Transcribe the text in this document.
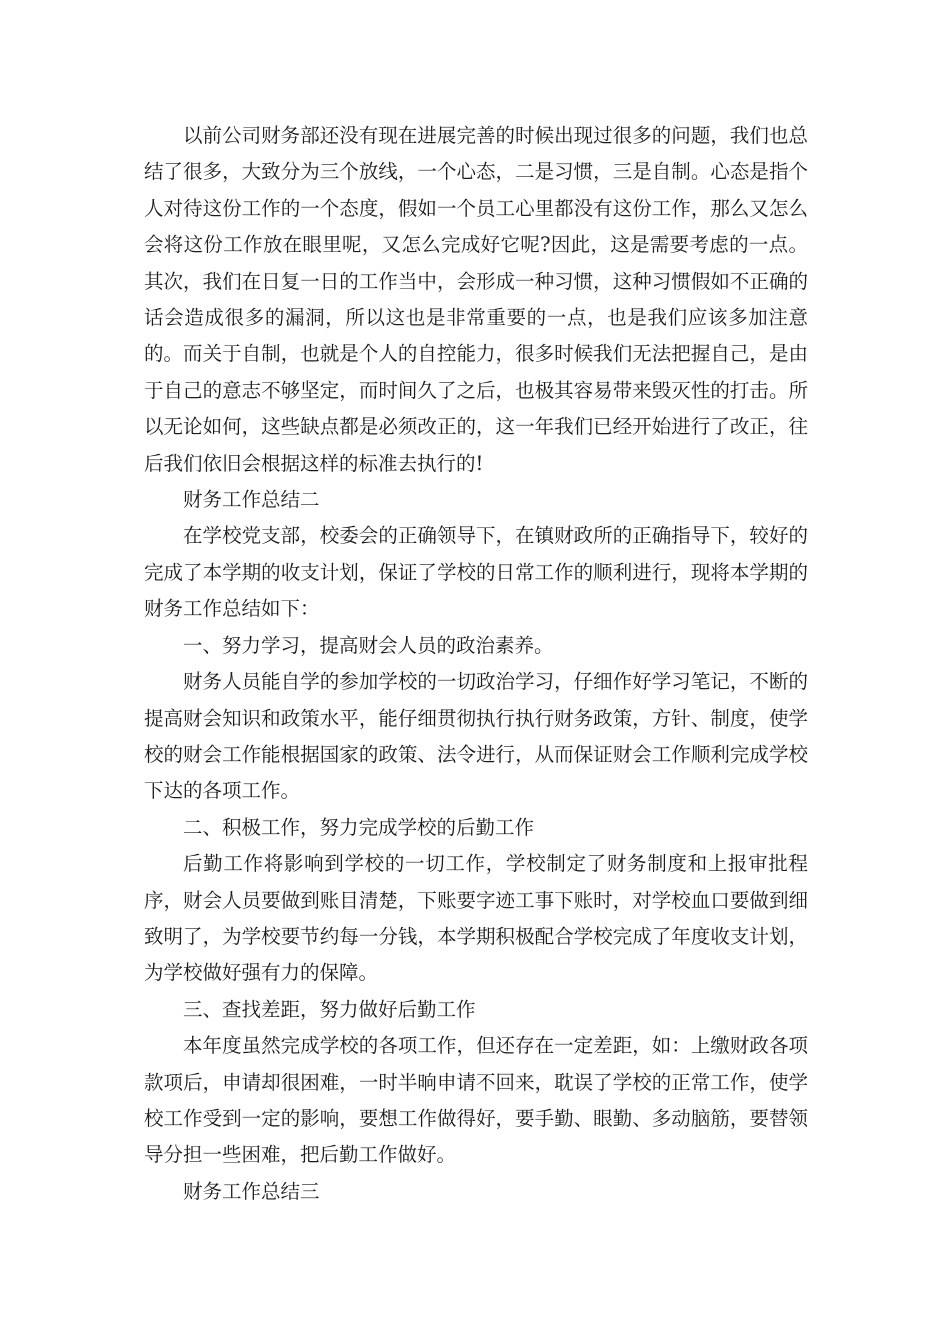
以前公司财务部还没有现在进展完善的时候出现过很多的问题，我们也总结了很多，大致分为三个放线，一个心态，二是习惯，三是自制。心态是指个人对待这份工作的一个态度，假如一个员工心里都没有这份工作，那么又怎么会将这份工作放在眼里呢，又怎么完成好它呢?因此，这是需要考虑的一点。其次，我们在日复一日的工作当中，会形成一种习惯，这种习惯假如不正确的话会造成很多的漏洞，所以这也是非常重要的一点，也是我们应该多加注意的。而关于自制，也就是个人的自控能力，很多时候我们无法把握自己，是由于自己的意志不够坚定，而时间久了之后，也极其容易带来毁灭性的打击。所以无论如何，这些缺点都是必须改正的，这一年我们已经开始进行了改正，往后我们依旧会根据这样的标准去执行的!

财务工作总结二

在学校党支部，校委会的正确领导下，在镇财政所的正确指导下，较好的完成了本学期的收支计划，保证了学校的日常工作的顺利进行，现将本学期的财务工作总结如下：

一、努力学习，提高财会人员的政治素养。

财务人员能自学的参加学校的一切政治学习，仔细作好学习笔记，不断的提高财会知识和政策水平，能仔细贯彻执行执行财务政策，方针、制度，使学校的财会工作能根据国家的政策、法令进行，从而保证财会工作顺利完成学校下达的各项工作。

二、积极工作，努力完成学校的后勤工作

后勤工作将影响到学校的一切工作，学校制定了财务制度和上报审批程序，财会人员要做到账目清楚，下账要字迹工事下账时，对学校血口要做到细致明了，为学校要节约每一分钱，本学期积极配合学校完成了年度收支计划，为学校做好强有力的保障。

三、查找差距，努力做好后勤工作

本年度虽然完成学校的各项工作，但还存在一定差距，如：上缴财政各项款项后，申请却很困难，一时半晌申请不回来，耽误了学校的正常工作，使学校工作受到一定的影响，要想工作做得好，要手勤、眼勤、多动脑筋，要替领导分担一些困难，把后勤工作做好。

财务工作总结三
